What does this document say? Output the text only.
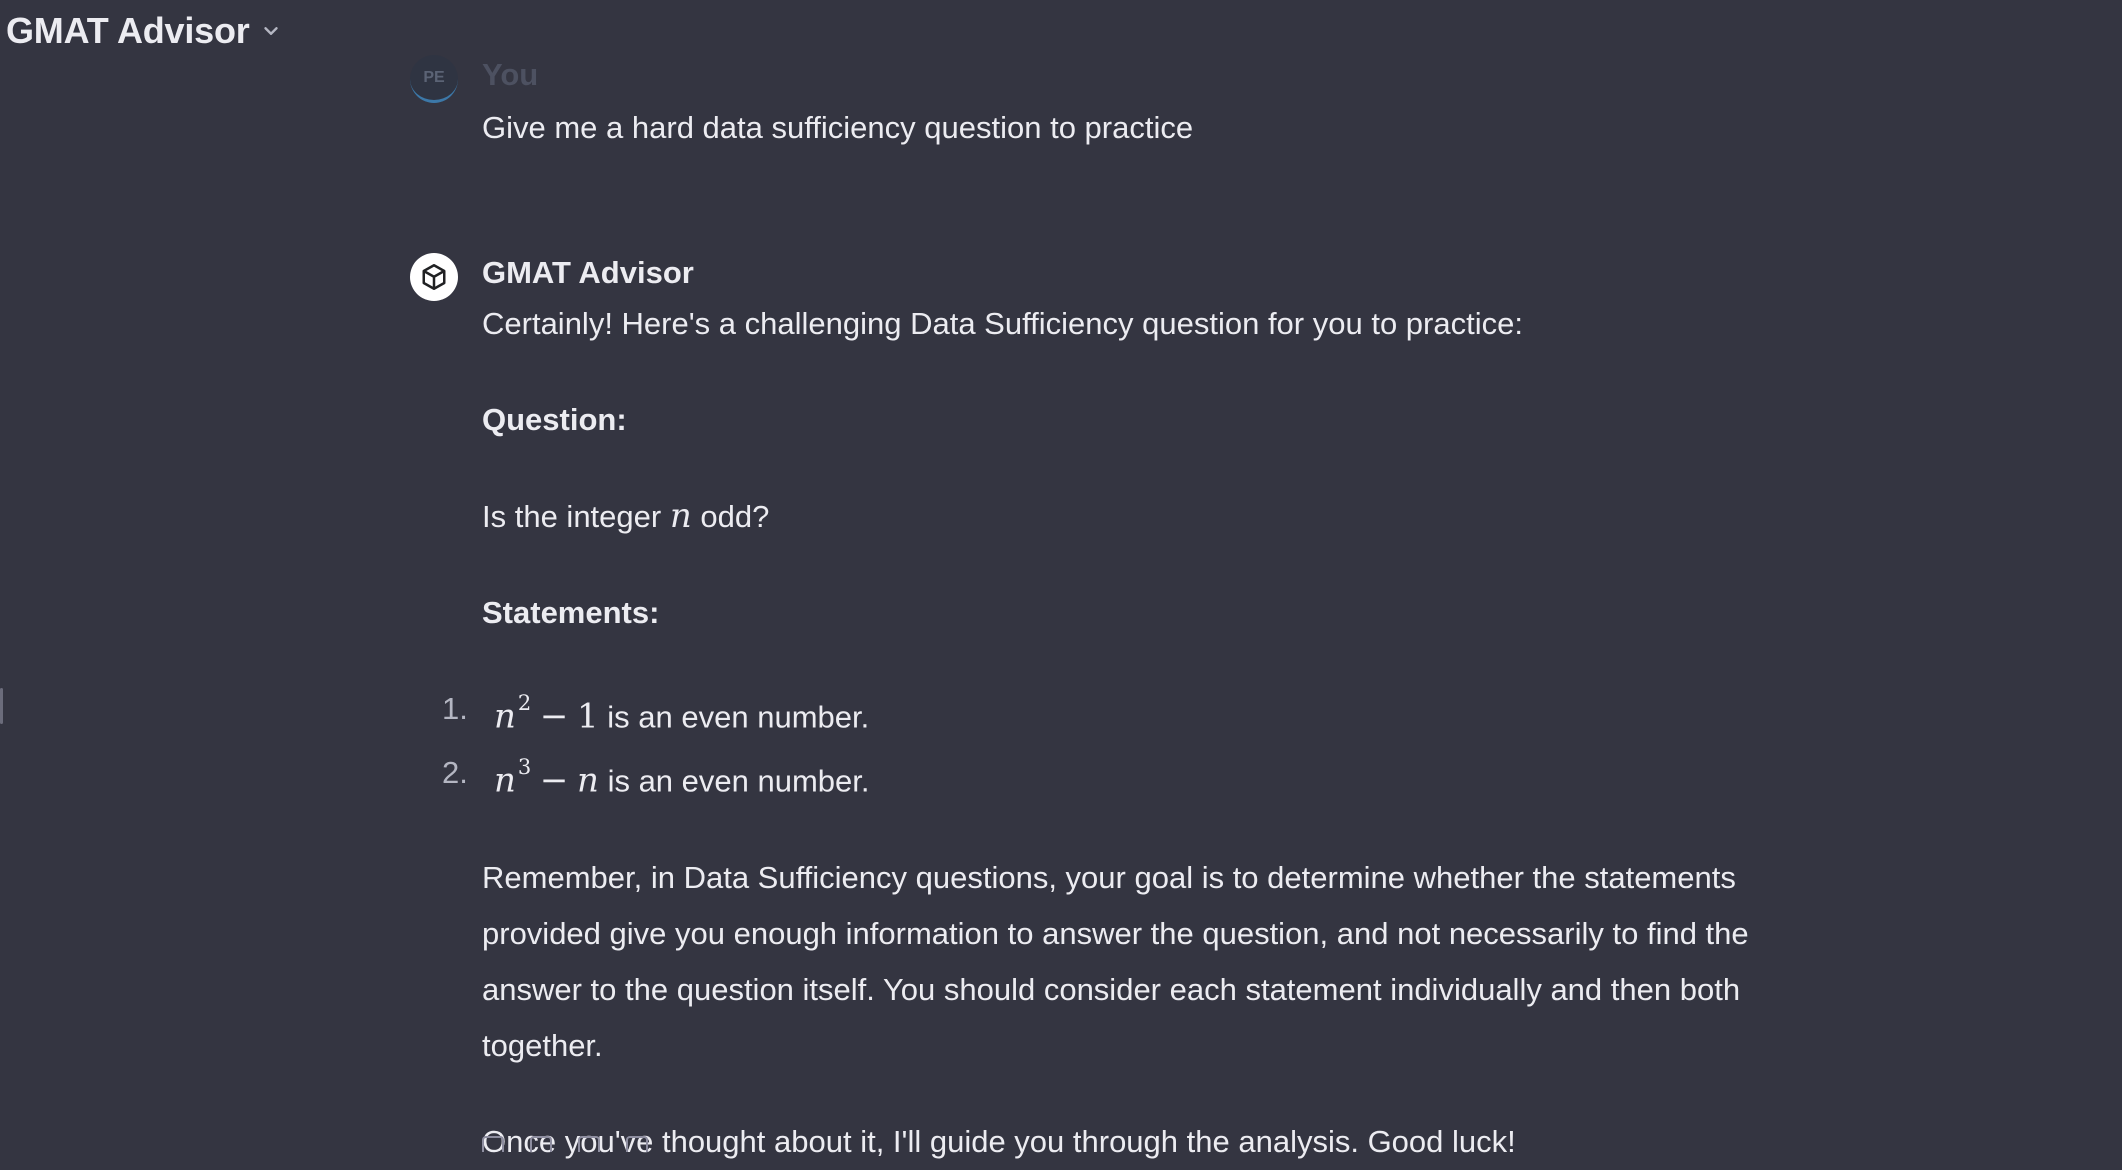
GMAT Advisor
PE	You
Give me a hard data sufficiency question to practice
GMAT Advisor

Certainly! Here's a challenging Data Sufficiency question for you to practice:

Question:

Is the integer n odd?

Statements:

1. $n^2 - 1$ is an even number.
2. $n^3 - n$ is an even number.

Remember, in Data Sufficiency questions, your goal is to determine whether the statements provided give you enough information to answer the question, and not necessarily to find the answer to the question itself. You should consider each statement individually and then both together.

Once you've thought about it, I'll guide you through the analysis. Good luck!
